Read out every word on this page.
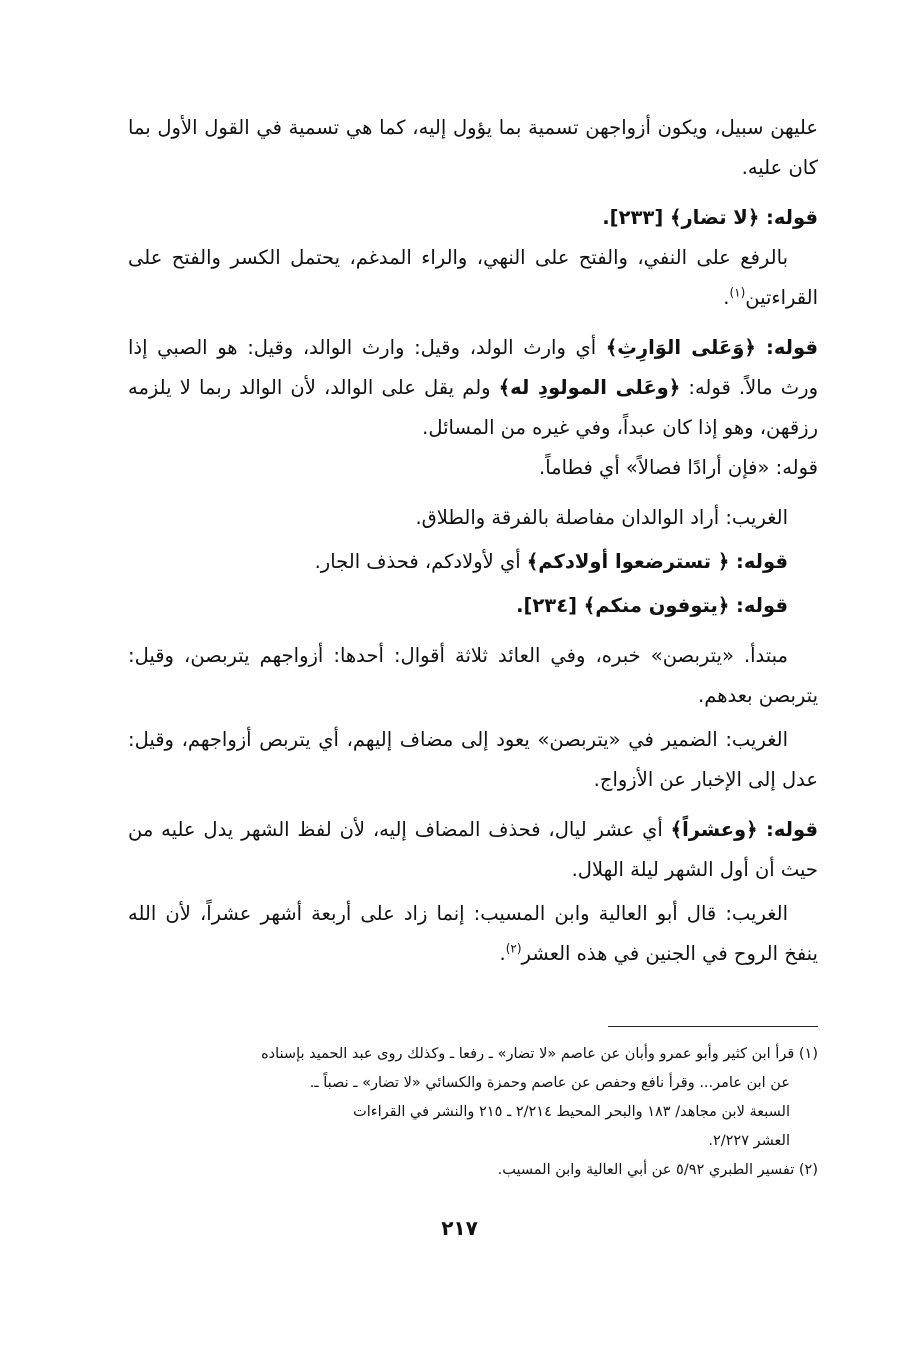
عليهن سبيل، ويكون أزواجهن تسمية بما يؤول إليه، كما هي تسمية في القول الأول بما كان عليه.

قوله: ﴿لا تضار﴾ [٢٣٣].

بالرفع على النفي، والفتح على النهي، والراء المدغم، يحتمل الكسر والفتح على القراءتين$^{(١)}$.

قوله: ﴿وَعَلى الوَارِثِ﴾ أي وارث الولد، وقيل: وارث الوالد، وقيل: هو الصبي إذا ورث مالاً. قوله: ﴿وعَلى المولودِ له﴾ ولم يقل على الوالد، لأن الوالد ربما لا يلزمه رزقهن، وهو إذا كان عبداً، وفي غيره من المسائل.

قوله: «فإن أرادًا فصالاً» أي فطاماً.

الغريب: أراد الوالدان مفاصلة بالفرقة والطلاق.

قوله: ﴿ تسترضعوا أولادكم﴾ أي لأولادكم، فحذف الجار.

قوله: ﴿يتوفون منكم﴾ [٢٣٤].

مبتدأ. «يتربصن» خبره، وفي العائد ثلاثة أقوال: أحدها: أزواجهم يتربصن، وقيل: يتربصن بعدهم.

الغريب: الضمير في «يتربصن» يعود إلى مضاف إليهم، أي يتربص أزواجهم، وقيل: عدل إلى الإخبار عن الأزواج.

قوله: ﴿وعشراً﴾ أي عشر ليال، فحذف المضاف إليه، لأن لفظ الشهر يدل عليه من حيث أن أول الشهر ليلة الهلال.

الغريب: قال أبو العالية وابن المسيب: إنما زاد على أربعة أشهر عشراً، لأن الله ينفخ الروح في الجنين في هذه العشر$^{(٢)}$.

(١) قرأ ابن كثير وأبو عمرو وأبان عن عاصم «لا تضار» ـ رفعا ـ وكذلك روى عبد الحميد بإسناده
عن ابن عامر... وقرأ نافع وحفص عن عاصم وحمزة والكسائي «لا تضار» ـ نصباً ـ.
السبعة لابن مجاهد/ ١٨٣ والبحر المحيط ٢/٢١٤ ـ ٢١٥ والنشر في القراءات
العشر ٢/٢٢٧.

(٢) تفسير الطبري ٥/٩٢ عن أبي العالية وابن المسيب.

٢١٧
